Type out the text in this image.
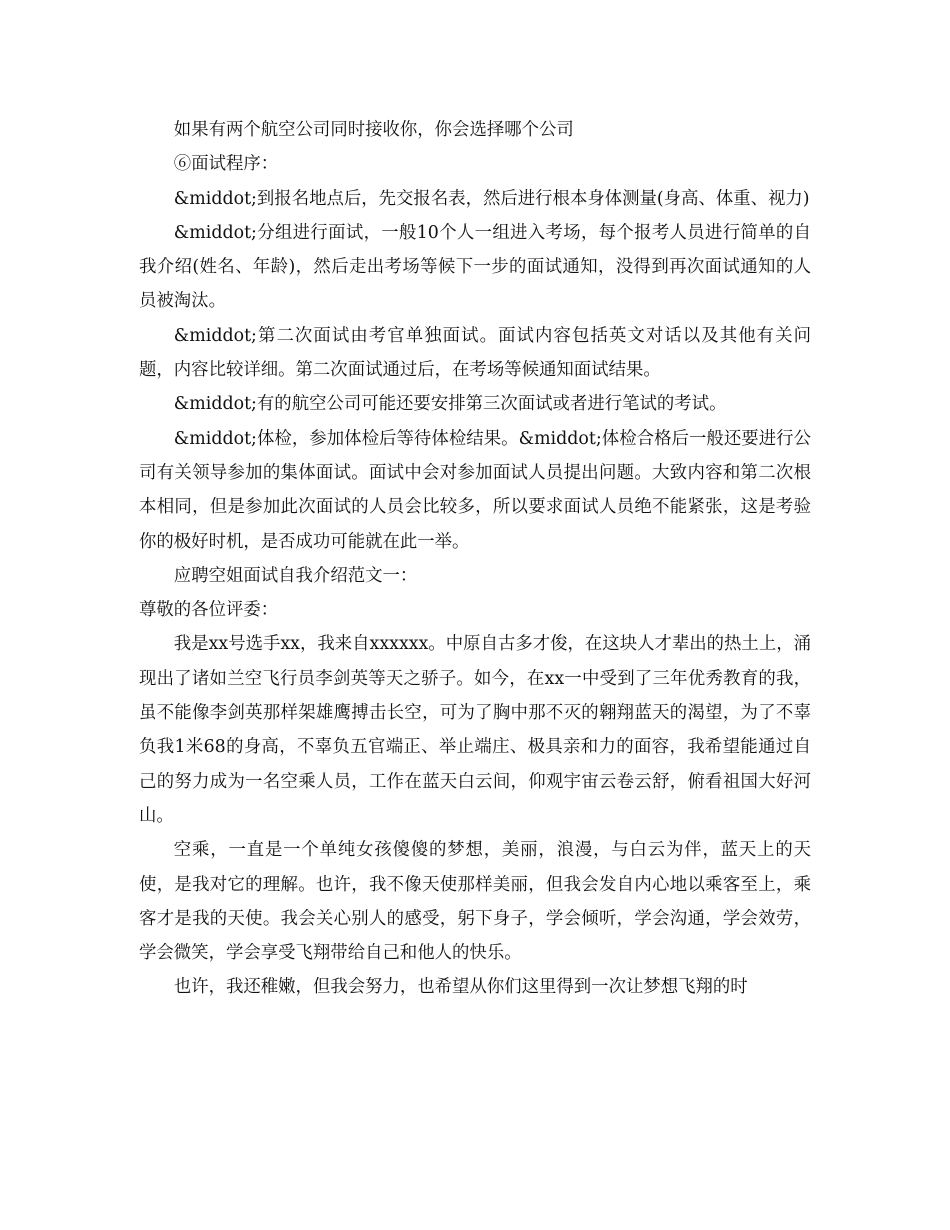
如果有两个航空公司同时接收你，你会选择哪个公司

⑥面试程序：

&middot;到报名地点后，先交报名表，然后进行根本身体测量(身高、体重、视力)

&middot;分组进行面试，一般10个人一组进入考场，每个报考人员进行简单的自我介绍(姓名、年龄)，然后走出考场等候下一步的面试通知，没得到再次面试通知的人员被淘汰。

&middot;第二次面试由考官单独面试。面试内容包括英文对话以及其他有关问题，内容比较详细。第二次面试通过后，在考场等候通知面试结果。

&middot;有的航空公司可能还要安排第三次面试或者进行笔试的考试。

&middot;体检，参加体检后等待体检结果。&middot;体检合格后一般还要进行公司有关领导参加的集体面试。面试中会对参加面试人员提出问题。大致内容和第二次根本相同，但是参加此次面试的人员会比较多，所以要求面试人员绝不能紧张，这是考验你的极好时机，是否成功可能就在此一举。

应聘空姐面试自我介绍范文一：

尊敬的各位评委：

我是xx号选手xx，我来自xxxxxx。中原自古多才俊，在这块人才辈出的热土上，涌现出了诸如兰空飞行员李剑英等天之骄子。如今，在xx一中受到了三年优秀教育的我，虽不能像李剑英那样架雄鹰搏击长空，可为了胸中那不灭的翱翔蓝天的渴望，为了不辜负我1米68的身高，不辜负五官端正、举止端庄、极具亲和力的面容，我希望能通过自己的努力成为一名空乘人员，工作在蓝天白云间，仰观宇宙云卷云舒，俯看祖国大好河山。

空乘，一直是一个单纯女孩傻傻的梦想，美丽，浪漫，与白云为伴，蓝天上的天使，是我对它的理解。也许，我不像天使那样美丽，但我会发自内心地以乘客至上，乘客才是我的天使。我会关心别人的感受，躬下身子，学会倾听，学会沟通，学会效劳，学会微笑，学会享受飞翔带给自己和他人的快乐。

也许，我还稚嫩，但我会努力，也希望从你们这里得到一次让梦想飞翔的时
